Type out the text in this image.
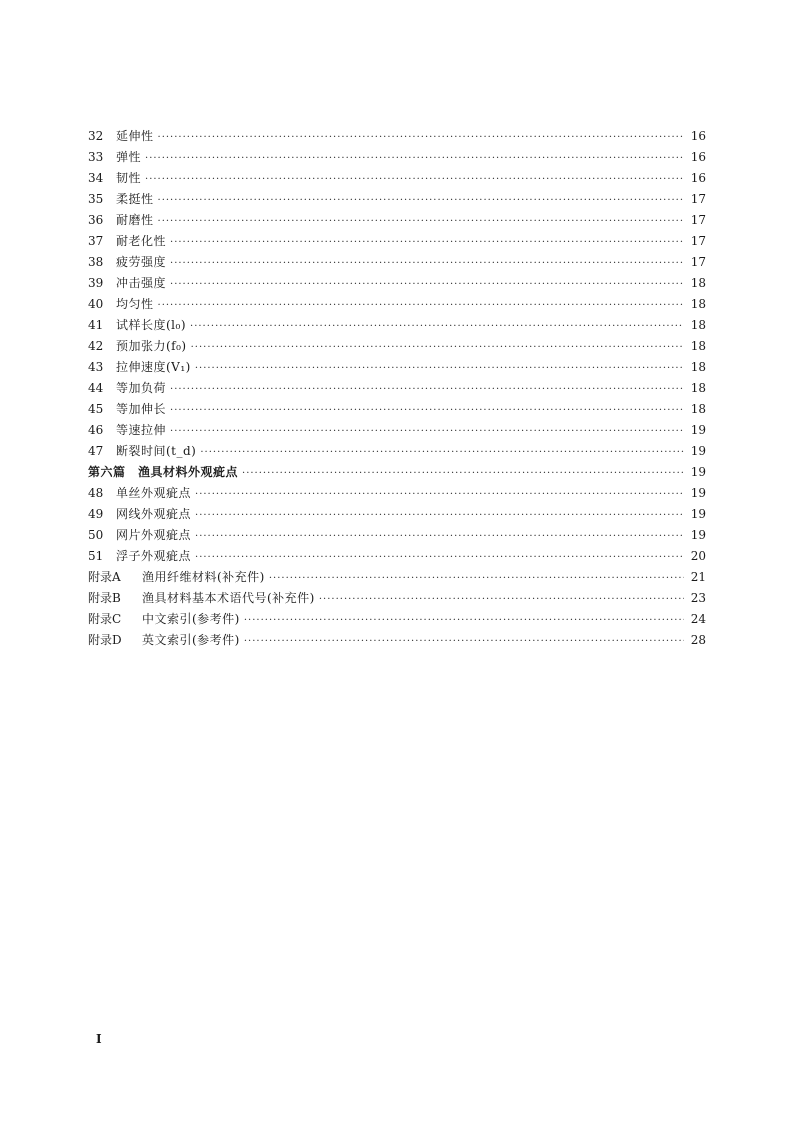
32	延伸性 ·····	16
33	弹性 ·····	16
34	韧性 ·····	16
35	柔挺性 ·····	17
36	耐磨性 ·····	17
37	耐老化性 ·····	17
38	疲劳强度 ·····	17
39	冲击强度 ·····	18
40	均匀性 ·····	18
41	试样长度(l₀) ·····	18
42	预加张力(f₀) ·····	18
43	拉伸速度(V₁) ·····	18
44	等加负荷 ·····	18
45	等加伸长 ·····	18
46	等速拉伸 ·····	19
47	断裂时间(t_d) ·····	19
第六篇　渔具材料外观疵点 ·····	19
48	单丝外观疵点 ·····	19
49	网线外观疵点 ·····	19
50	网片外观疵点 ·····	19
51	浮子外观疵点 ·····	20
附录A	渔用纤维材料(补充件) ·····	21
附录B	渔具材料基本术语代号(补充件) ·····	23
附录C	中文索引(参考件) ·····	24
附录D	英文索引(参考件) ·····	28
I
